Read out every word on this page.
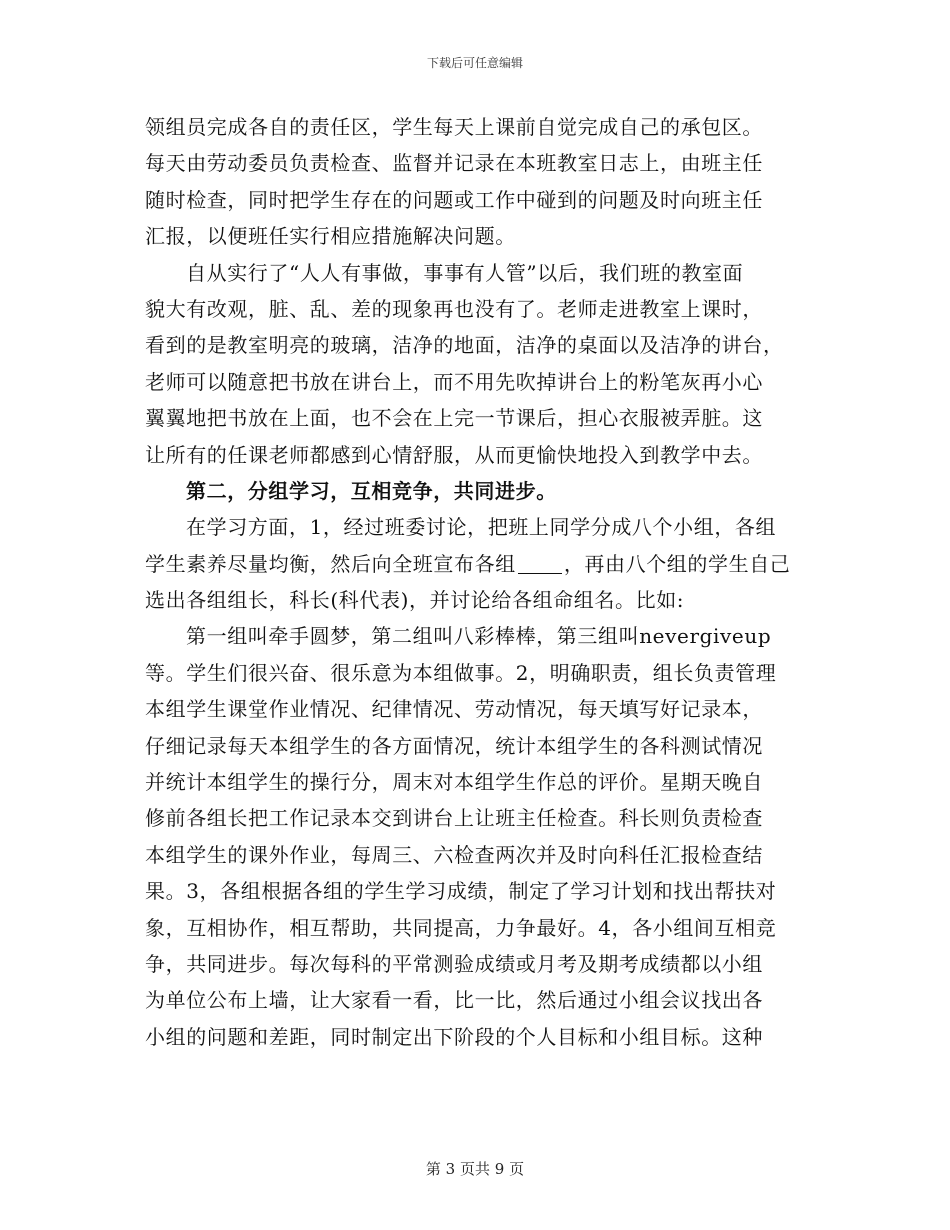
下载后可任意编辑
领组员完成各自的责任区，学生每天上课前自觉完成自己的承包区。
每天由劳动委员负责检查、监督并记录在本班教室日志上，由班主任
随时检查，同时把学生存在的问题或工作中碰到的问题及时向班主任
汇报，以便班任实行相应措施解决问题。
自从实行了“人人有事做，事事有人管”以后，我们班的教室面
貌大有改观，脏、乱、差的现象再也没有了。老师走进教室上课时，
看到的是教室明亮的玻璃，洁净的地面，洁净的桌面以及洁净的讲台，
老师可以随意把书放在讲台上，而不用先吹掉讲台上的粉笔灰再小心
翼翼地把书放在上面，也不会在上完一节课后，担心衣服被弄脏。这
让所有的任课老师都感到心情舒服，从而更愉快地投入到教学中去。
第二，分组学习，互相竞争，共同进步。
在学习方面，1，经过班委讨论，把班上同学分成八个小组，各组
学生素养尽量均衡，然后向全班宣布各组 ，再由八个组的学生自己
选出各组组长，科长(科代表)，并讨论给各组命组名。比如:
第一组叫牵手圆梦，第二组叫八彩棒棒，第三组叫nevergiveup
等。学生们很兴奋、很乐意为本组做事。2，明确职责，组长负责管理
本组学生课堂作业情况、纪律情况、劳动情况，每天填写好记录本，
仔细记录每天本组学生的各方面情况，统计本组学生的各科测试情况
并统计本组学生的操行分，周末对本组学生作总的评价。星期天晚自
修前各组长把工作记录本交到讲台上让班主任检查。科长则负责检查
本组学生的课外作业，每周三、六检查两次并及时向科任汇报检查结
果。3，各组根据各组的学生学习成绩，制定了学习计划和找出帮扶对
象，互相协作，相互帮助，共同提高，力争最好。4，各小组间互相竞
争，共同进步。每次每科的平常测验成绩或月考及期考成绩都以小组
为单位公布上墙，让大家看一看，比一比，然后通过小组会议找出各
小组的问题和差距，同时制定出下阶段的个人目标和小组目标。这种
第 3 页共 9 页
